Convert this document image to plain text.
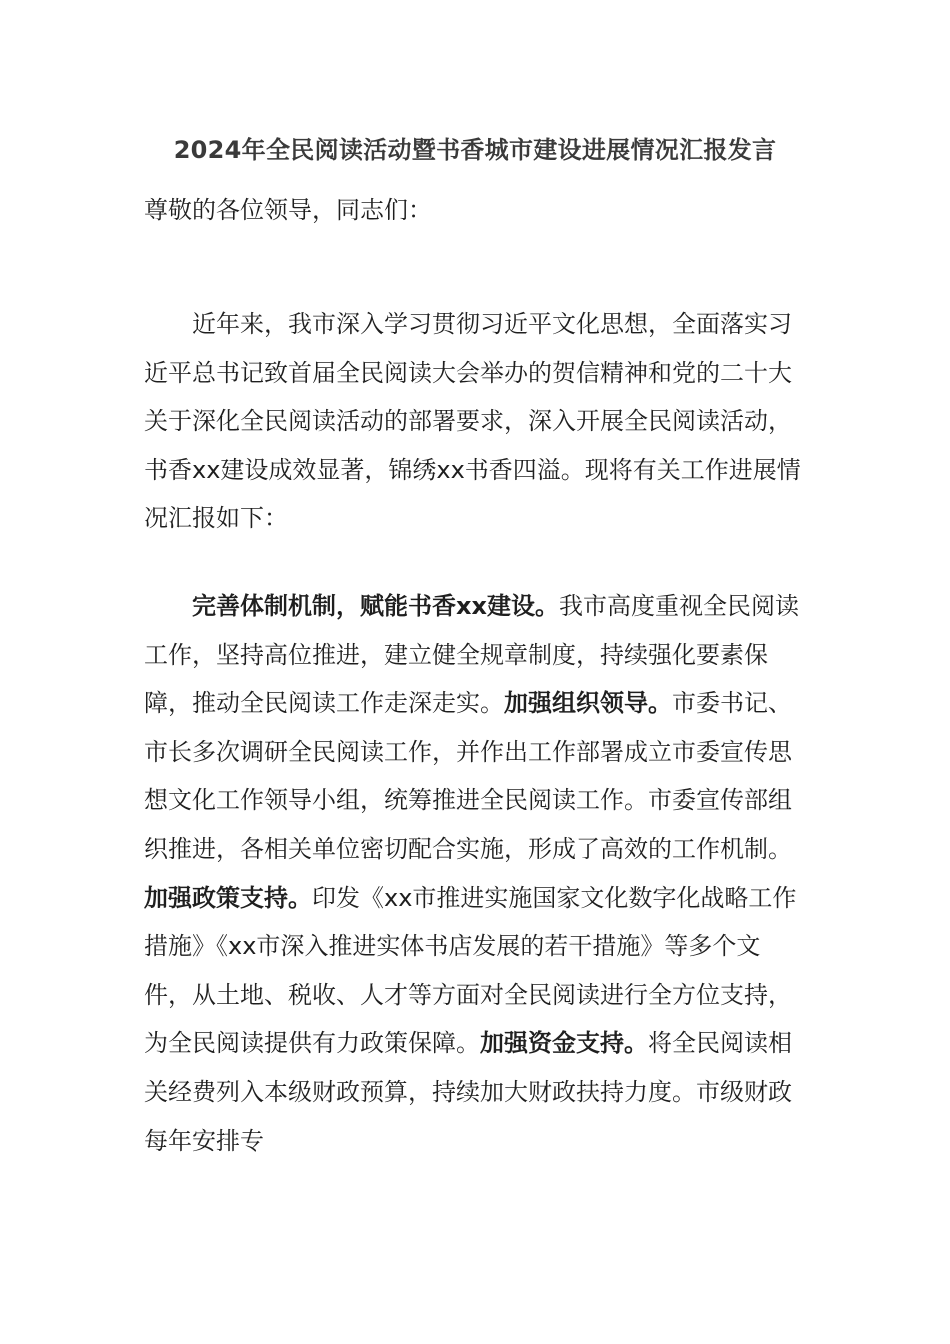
2024年全民阅读活动暨书香城市建设进展情况汇报发言
尊敬的各位领导，同志们：
近年来，我市深入学习贯彻习近平文化思想，全面落实习近平总书记致首届全民阅读大会举办的贺信精神和党的二十大关于深化全民阅读活动的部署要求，深入开展全民阅读活动，书香xx建设成效显著，锦绣xx书香四溢。现将有关工作进展情况汇报如下：
完善体制机制，赋能书香xx建设。我市高度重视全民阅读工作，坚持高位推进，建立健全规章制度，持续强化要素保障，推动全民阅读工作走深走实。加强组织领导。市委书记、市长多次调研全民阅读工作，并作出工作部署成立市委宣传思想文化工作领导小组，统筹推进全民阅读工作。市委宣传部组织推进，各相关单位密切配合实施，形成了高效的工作机制。加强政策支持。印发《xx市推进实施国家文化数字化战略工作措施》《xx市深入推进实体书店发展的若干措施》等多个文件，从土地、税收、人才等方面对全民阅读进行全方位支持，为全民阅读提供有力政策保障。加强资金支持。将全民阅读相关经费列入本级财政预算，持续加大财政扶持力度。市级财政每年安排专
